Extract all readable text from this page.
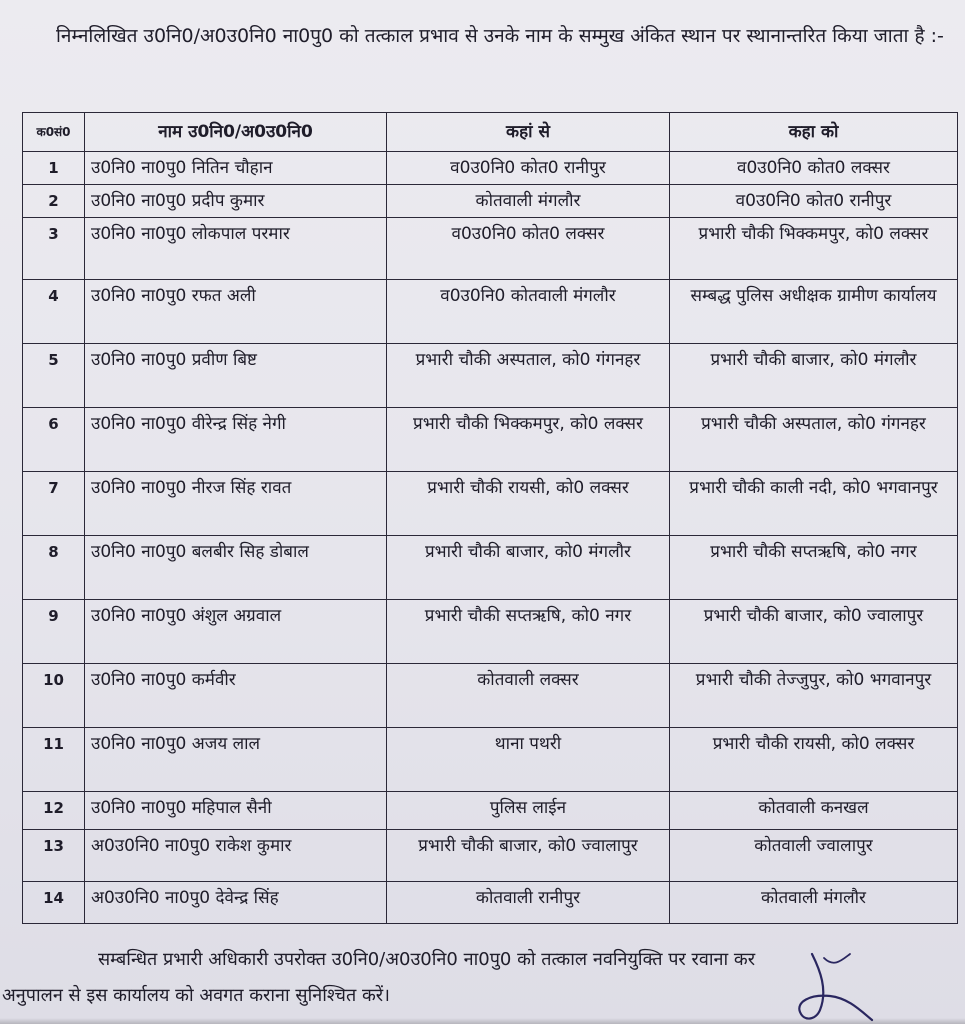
निम्नलिखित उ0नि0/अ0उ0नि0 ना0पु0 को तत्काल प्रभाव से उनके नाम के सम्मुख अंकित स्थान पर स्थानान्तरित किया जाता है :-
क0सं0	नाम उ0नि0/अ0उ0नि0	कहां से	कहा को
1	उ0नि0 ना0पु0 नितिन चौहान	व0उ0नि0 कोत0 रानीपुर	व0उ0नि0 कोत0 लक्सर
2	उ0नि0 ना0पु0 प्रदीप कुमार	कोतवाली मंगलौर	व0उ0नि0 कोत0 रानीपुर
3	उ0नि0 ना0पु0 लोकपाल परमार	व0उ0नि0 कोत0 लक्सर	प्रभारी चौकी भिक्कमपुर, को0 लक्सर
4	उ0नि0 ना0पु0 रफत अली	व0उ0नि0 कोतवाली मंगलौर	सम्बद्ध पुलिस अधीक्षक ग्रामीण कार्यालय
5	उ0नि0 ना0पु0 प्रवीण बिष्ट	प्रभारी चौकी अस्पताल, को0 गंगनहर	प्रभारी चौकी बाजार, को0 मंगलौर
6	उ0नि0 ना0पु0 वीरेन्द्र सिंह नेगी	प्रभारी चौकी भिक्कमपुर, को0 लक्सर	प्रभारी चौकी अस्पताल, को0 गंगनहर
7	उ0नि0 ना0पु0 नीरज सिंह रावत	प्रभारी चौकी रायसी, को0 लक्सर	प्रभारी चौकी काली नदी, को0 भगवानपुर
8	उ0नि0 ना0पु0 बलबीर सिह डोबाल	प्रभारी चौकी बाजार, को0 मंगलौर	प्रभारी चौकी सप्तऋषि, को0 नगर
9	उ0नि0 ना0पु0 अंशुल अग्रवाल	प्रभारी चौकी सप्तऋषि, को0 नगर	प्रभारी चौकी बाजार, को0 ज्वालापुर
10	उ0नि0 ना0पु0 कर्मवीर	कोतवाली लक्सर	प्रभारी चौकी तेज्जुपुर, को0 भगवानपुर
11	उ0नि0 ना0पु0 अजय लाल	थाना पथरी	प्रभारी चौकी रायसी, को0 लक्सर
12	उ0नि0 ना0पु0 महिपाल सैनी	पुलिस लाईन	कोतवाली कनखल
13	अ0उ0नि0 ना0पु0 राकेश कुमार	प्रभारी चौकी बाजार, को0 ज्वालापुर	कोतवाली ज्वालापुर
14	अ0उ0नि0 ना0पु0 देवेन्द्र सिंह	कोतवाली रानीपुर	कोतवाली मंगलौर
सम्बन्धित प्रभारी अधिकारी उपरोक्त उ0नि0/अ0उ0नि0 ना0पु0 को तत्काल नवनियुक्ति पर रवाना कर
अनुपालन से इस कार्यालय को अवगत कराना सुनिश्चित करें।
